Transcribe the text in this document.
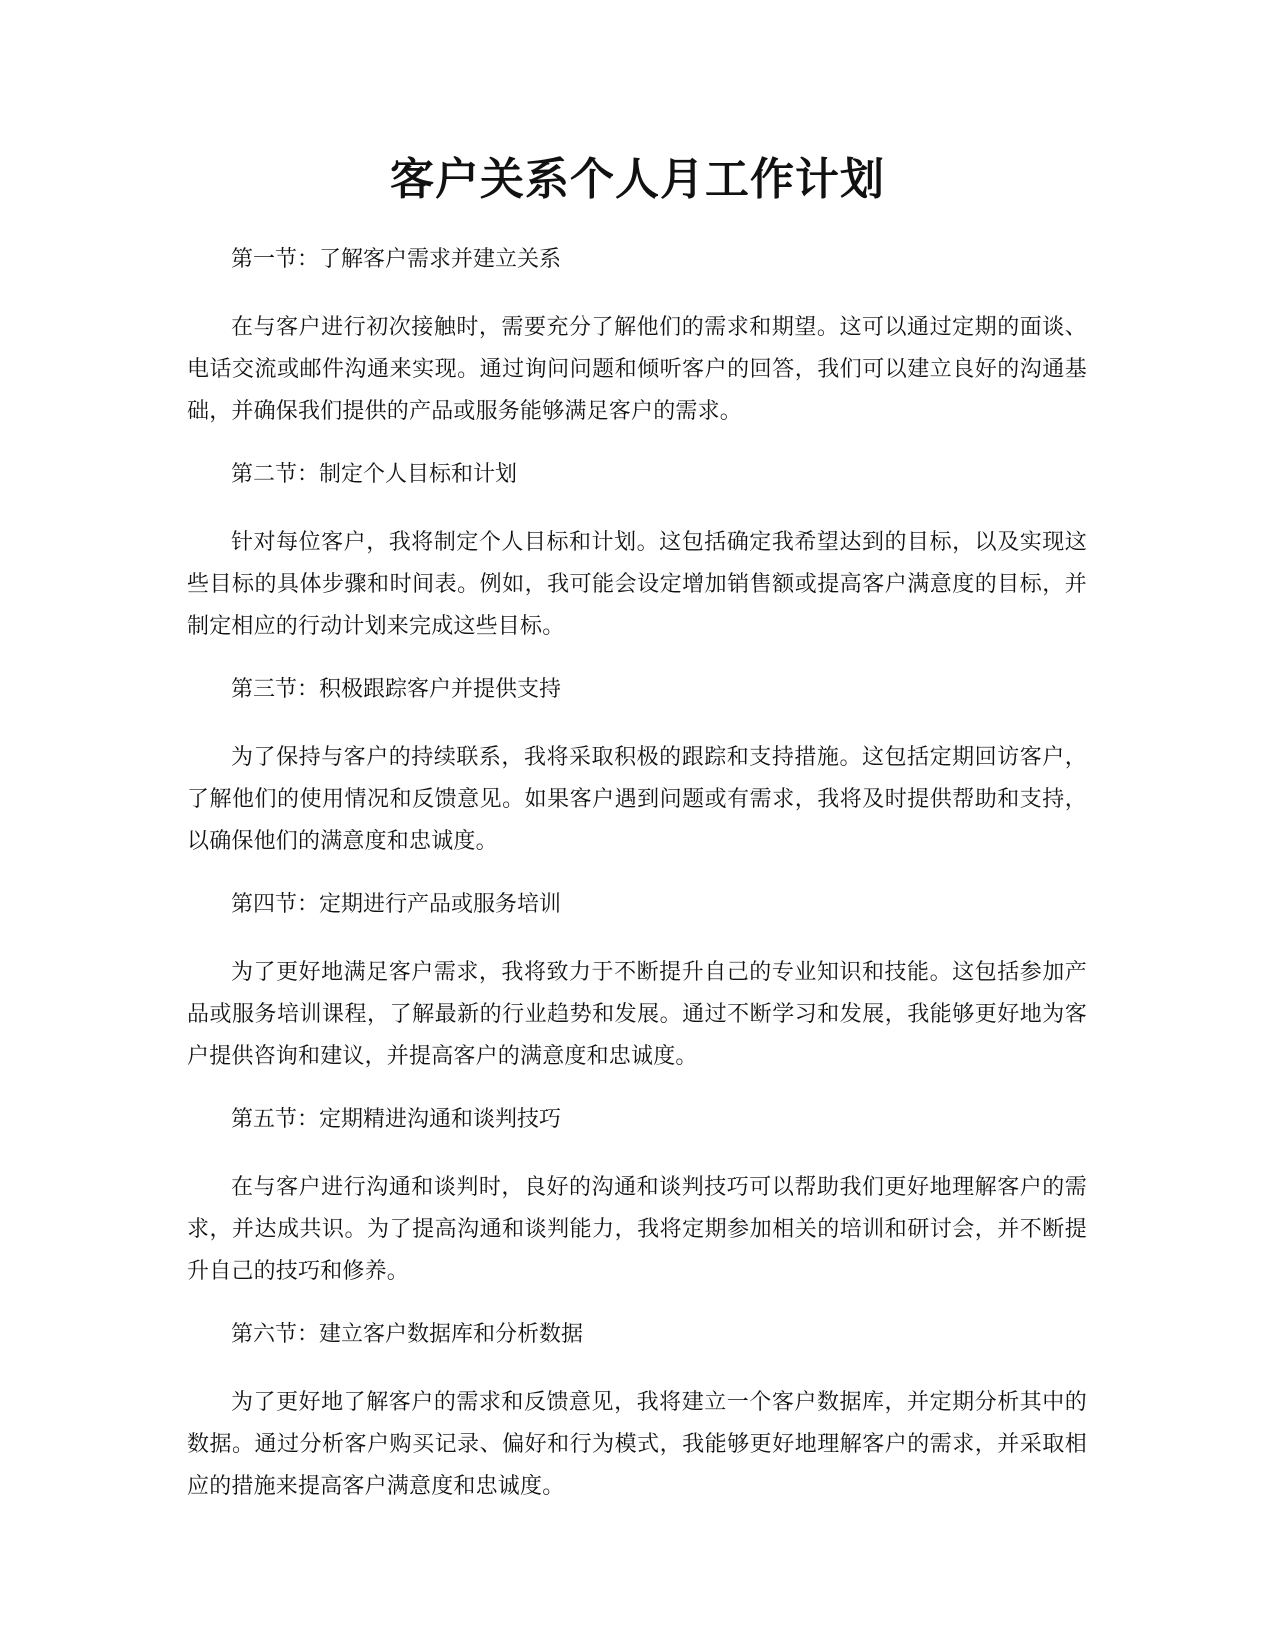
客户关系个人月工作计划

第一节：了解客户需求并建立关系

在与客户进行初次接触时，需要充分了解他们的需求和期望。这可以通过定期的面谈、电话交流或邮件沟通来实现。通过询问问题和倾听客户的回答，我们可以建立良好的沟通基础，并确保我们提供的产品或服务能够满足客户的需求。

第二节：制定个人目标和计划

针对每位客户，我将制定个人目标和计划。这包括确定我希望达到的目标，以及实现这些目标的具体步骤和时间表。例如，我可能会设定增加销售额或提高客户满意度的目标，并制定相应的行动计划来完成这些目标。

第三节：积极跟踪客户并提供支持

为了保持与客户的持续联系，我将采取积极的跟踪和支持措施。这包括定期回访客户，了解他们的使用情况和反馈意见。如果客户遇到问题或有需求，我将及时提供帮助和支持，以确保他们的满意度和忠诚度。

第四节：定期进行产品或服务培训

为了更好地满足客户需求，我将致力于不断提升自己的专业知识和技能。这包括参加产品或服务培训课程，了解最新的行业趋势和发展。通过不断学习和发展，我能够更好地为客户提供咨询和建议，并提高客户的满意度和忠诚度。

第五节：定期精进沟通和谈判技巧

在与客户进行沟通和谈判时，良好的沟通和谈判技巧可以帮助我们更好地理解客户的需求，并达成共识。为了提高沟通和谈判能力，我将定期参加相关的培训和研讨会，并不断提升自己的技巧和修养。

第六节：建立客户数据库和分析数据

为了更好地了解客户的需求和反馈意见，我将建立一个客户数据库，并定期分析其中的数据。通过分析客户购买记录、偏好和行为模式，我能够更好地理解客户的需求，并采取相应的措施来提高客户满意度和忠诚度。
